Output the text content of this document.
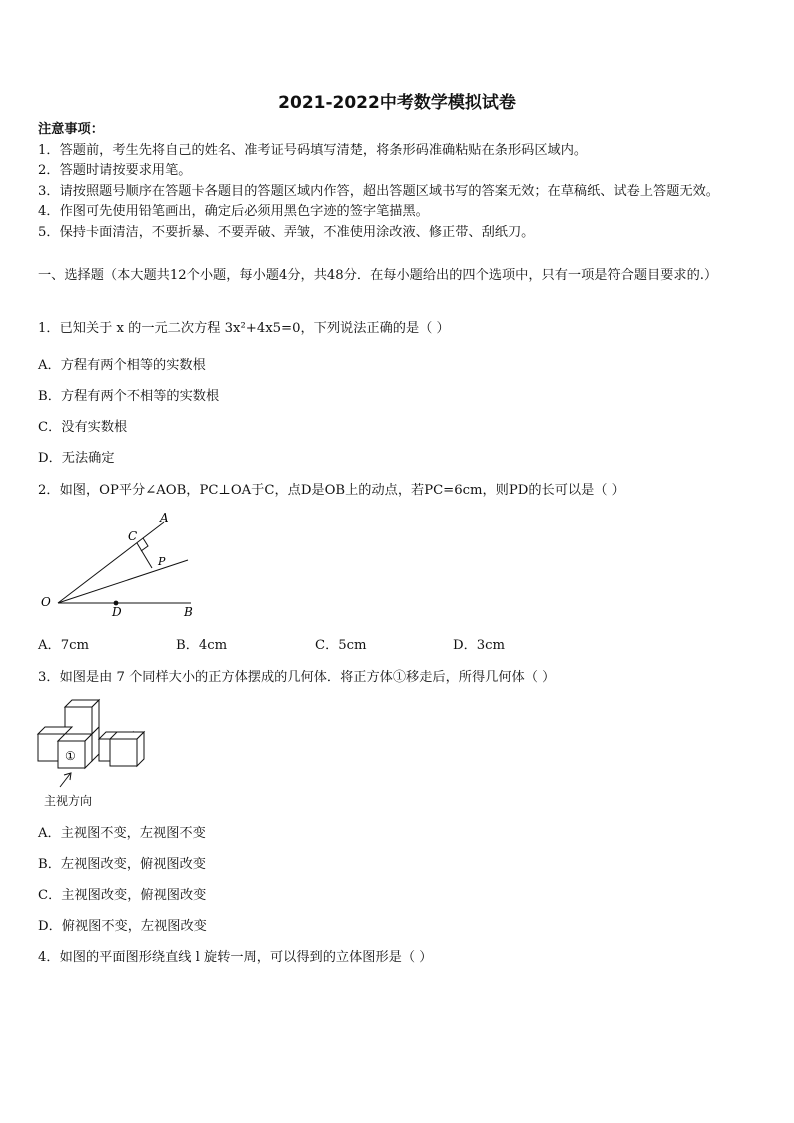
2021-2022中考数学模拟试卷
注意事项：
1．答题前，考生先将自己的姓名、准考证号码填写清楚，将条形码准确粘贴在条形码区域内。
2．答题时请按要求用笔。
3．请按照题号顺序在答题卡各题目的答题区域内作答，超出答题区域书写的答案无效；在草稿纸、试卷上答题无效。
4．作图可先使用铅笔画出，确定后必须用黑色字迹的签字笔描黑。
5．保持卡面清洁，不要折暴、不要弄破、弄皱，不准使用涂改液、修正带、刮纸刀。
一、选择题（本大题共12个小题，每小题4分，共48分．在每小题给出的四个选项中，只有一项是符合题目要求的.）
1．已知关于 x 的一元二次方程 3x²+4x5=0，下列说法正确的是（ ）
A．方程有两个相等的实数根
B．方程有两个不相等的实数根
C．没有实数根
D．无法确定
2．如图，OP平分∠AOB，PC⊥OA于C，点D是OB上的动点，若PC=6cm，则PD的长可以是（ ）
A
C
P
O
D	B
A．7cm	B．4cm	C．5cm	D．3cm
3．如图是由 7 个同样大小的正方体摆成的几何体．将正方体①移走后，所得几何体（ ）
①
主视方向
A．主视图不变，左视图不变
B．左视图改变，俯视图改变
C．主视图改变，俯视图改变
D．俯视图不变，左视图改变
4．如图的平面图形绕直线 l 旋转一周，可以得到的立体图形是（ ）
